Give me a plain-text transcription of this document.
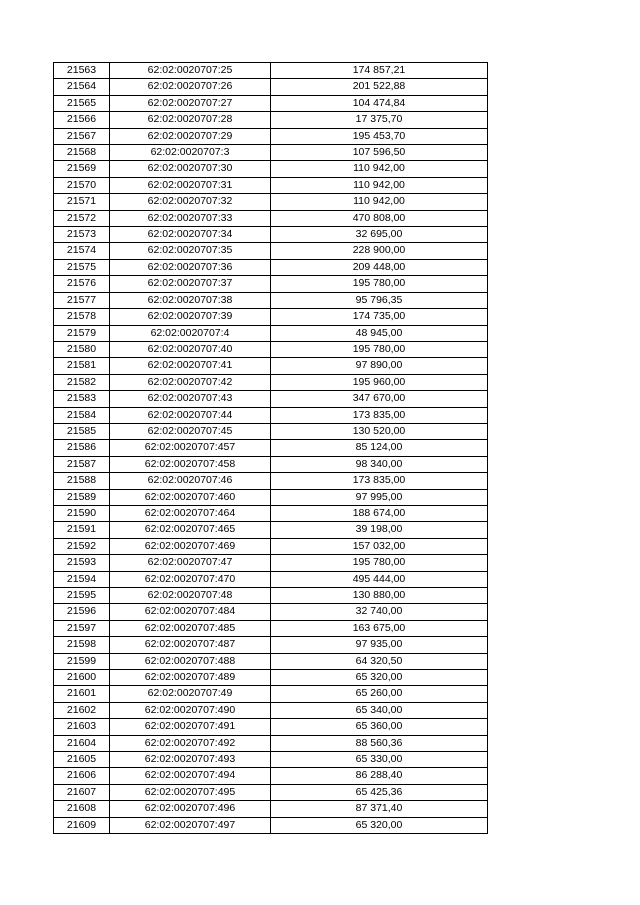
21563	62:02:0020707:25	174 857,21
21564	62:02:0020707:26	201 522,88
21565	62:02:0020707:27	104 474,84
21566	62:02:0020707:28	17 375,70
21567	62:02:0020707:29	195 453,70
21568	62:02:0020707:3	107 596,50
21569	62:02:0020707:30	110 942,00
21570	62:02:0020707:31	110 942,00
21571	62:02:0020707:32	110 942,00
21572	62:02:0020707:33	470 808,00
21573	62:02:0020707:34	32 695,00
21574	62:02:0020707:35	228 900,00
21575	62:02:0020707:36	209 448,00
21576	62:02:0020707:37	195 780,00
21577	62:02:0020707:38	95 796,35
21578	62:02:0020707:39	174 735,00
21579	62:02:0020707:4	48 945,00
21580	62:02:0020707:40	195 780,00
21581	62:02:0020707:41	97 890,00
21582	62:02:0020707:42	195 960,00
21583	62:02:0020707:43	347 670,00
21584	62:02:0020707:44	173 835,00
21585	62:02:0020707:45	130 520,00
21586	62:02:0020707:457	85 124,00
21587	62:02:0020707:458	98 340,00
21588	62:02:0020707:46	173 835,00
21589	62:02:0020707:460	97 995,00
21590	62:02:0020707:464	188 674,00
21591	62:02:0020707:465	39 198,00
21592	62:02:0020707:469	157 032,00
21593	62:02:0020707:47	195 780,00
21594	62:02:0020707:470	495 444,00
21595	62:02:0020707:48	130 880,00
21596	62:02:0020707:484	32 740,00
21597	62:02:0020707:485	163 675,00
21598	62:02:0020707:487	97 935,00
21599	62:02:0020707:488	64 320,50
21600	62:02:0020707:489	65 320,00
21601	62:02:0020707:49	65 260,00
21602	62:02:0020707:490	65 340,00
21603	62:02:0020707:491	65 360,00
21604	62:02:0020707:492	88 560,36
21605	62:02:0020707:493	65 330,00
21606	62:02:0020707:494	86 288,40
21607	62:02:0020707:495	65 425,36
21608	62:02:0020707:496	87 371,40
21609	62:02:0020707:497	65 320,00
